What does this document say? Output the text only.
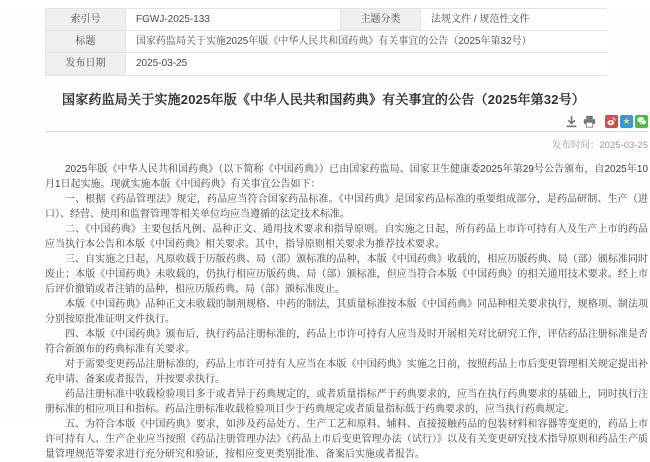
索引号	FGWJ-2025-133	主题分类	法规文件 / 规范性文件
标题	国家药监局关于实施2025年版《中华人民共和国药典》有关事宜的公告（2025年第32号）
发布日期	2025-03-25
国家药监局关于实施2025年版《中华人民共和国药典》有关事宜的公告（2025年第32号）
★
发布时间：2025-03-25

2025年版《中华人民共和国药典》（以下简称《中国药典》）已由国家药监局、国家卫生健康委2025年第29号公告颁布，自2025年10月1日起实施。现就实施本版《中国药典》有关事宜公告如下：

一、根据《药品管理法》规定，药品应当符合国家药品标准。《中国药典》是国家药品标准的重要组成部分，是药品研制、生产（进口）、经营、使用和监督管理等相关单位均应当遵循的法定技术标准。

二、《中国药典》主要包括凡例、品种正文、通用技术要求和指导原则。自实施之日起，所有药品上市许可持有人及生产上市的药品应当执行本公告和本版《中国药典》相关要求。其中，指导原则相关要求为推荐技术要求。

三、自实施之日起，凡原收载于历版药典、局（部）颁标准的品种，本版《中国药典》收载的，相应历版药典、局（部）颁标准同时废止；本版《中国药典》未收载的，仍执行相应历版药典、局（部）颁标准，但应当符合本版《中国药典》的相关通用技术要求。经上市后评价撤销或者注销的品种，相应历版药典、局（部）颁标准废止。

本版《中国药典》品种正文未收载的制剂规格、中药的制法，其质量标准按本版《中国药典》同品种相关要求执行，规格项、制法项分别按原批准证明文件执行。

四、本版《中国药典》颁布后，执行药品注册标准的，药品上市许可持有人应当及时开展相关对比研究工作，评估药品注册标准是否符合新颁布的药典标准有关要求。

对于需要变更药品注册标准的，药品上市许可持有人应当在本版《中国药典》实施之日前，按照药品上市后变更管理相关规定提出补充申请、备案或者报告，并按要求执行。

药品注册标准中收载检验项目多于或者异于药典规定的，或者质量指标严于药典要求的，应当在执行药典要求的基础上，同时执行注册标准的相应项目和指标。药品注册标准收载检验项目少于药典规定或者质量指标低于药典要求的，应当执行药典规定。

五、为符合本版《中国药典》要求，如涉及药品处方、生产工艺和原料、辅料、直接接触药品的包装材料和容器等变更的，药品上市许可持有人、生产企业应当按照《药品注册管理办法》《药品上市后变更管理办法（试行）》以及有关变更研究技术指导原则和药品生产质量管理规范等要求进行充分研究和验证，按相应变更类别批准、备案后实施或者报告。
